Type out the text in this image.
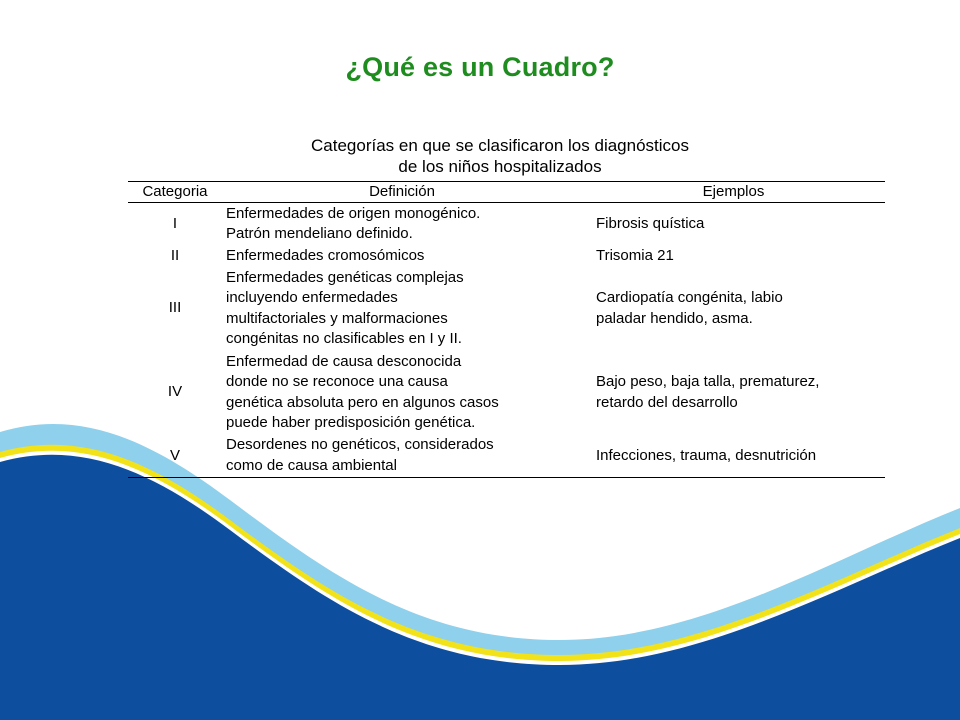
¿Qué es un Cuadro?
Categorías en que se clasificaron los diagnósticos
de los niños hospitalizados
Categoria	Definición	Ejemplos
I	Enfermedades de origen monogénico.
Patrón mendeliano definido.	Fibrosis quística

II	Enfermedades cromosómicos	Trisomia 21

III	Enfermedades genéticas complejas
incluyendo enfermedades
multifactoriales y malformaciones
congénitas no clasificables en I y II.	Cardiopatía congénita, labio
paladar hendido, asma.

IV	Enfermedad de causa desconocida
donde no se reconoce una causa
genética absoluta pero en algunos casos
puede haber predisposición genética.	Bajo peso, baja talla, prematurez,
retardo del desarrollo

V	Desordenes no genéticos, considerados
como de causa ambiental	Infecciones, trauma, desnutrición
